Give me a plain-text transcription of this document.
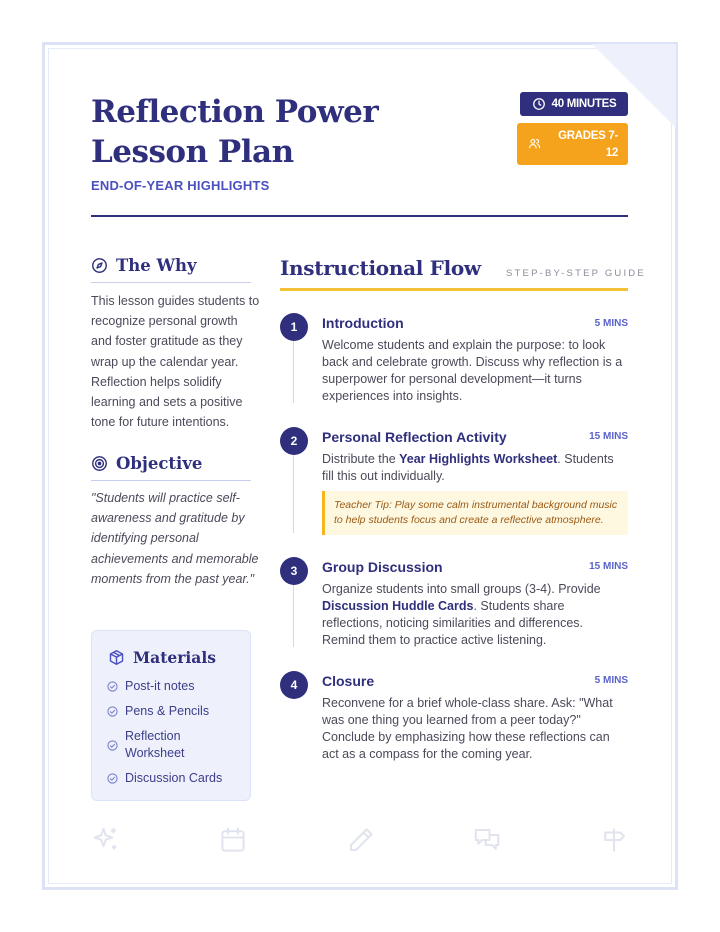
Reflection Power Lesson Plan
END-OF-YEAR HIGHLIGHTS
40 MINUTES
GRADES 7-12
The Why

This lesson guides students to recognize personal growth and foster gratitude as they wrap up the calendar year. Reflection helps solidify learning and sets a positive tone for future intentions.

Objective

"Students will practice self-awareness and gratitude by identifying personal achievements and memorable moments from the past year."

Materials
Post-it notes
Pens & Pencils
Reflection Worksheet
Discussion Cards
Instructional Flow	STEP-BY-STEP GUIDE
1	Introduction	5 MINS

Welcome students and explain the purpose: to look back and celebrate growth. Discuss why reflection is a superpower for personal development—it turns experiences into insights.

2	Personal Reflection Activity	15 MINS

Distribute the Year Highlights Worksheet. Students fill this out individually.

Teacher Tip: Play some calm instrumental background music to help students focus and create a reflective atmosphere.
3	Group Discussion	15 MINS

Organize students into small groups (3-4). Provide Discussion Huddle Cards. Students share reflections, noticing similarities and differences. Remind them to practice active listening.

4	Closure	5 MINS

Reconvene for a brief whole-class share. Ask: "What was one thing you learned from a peer today?" Conclude by emphasizing how these reflections can act as a compass for the coming year.
